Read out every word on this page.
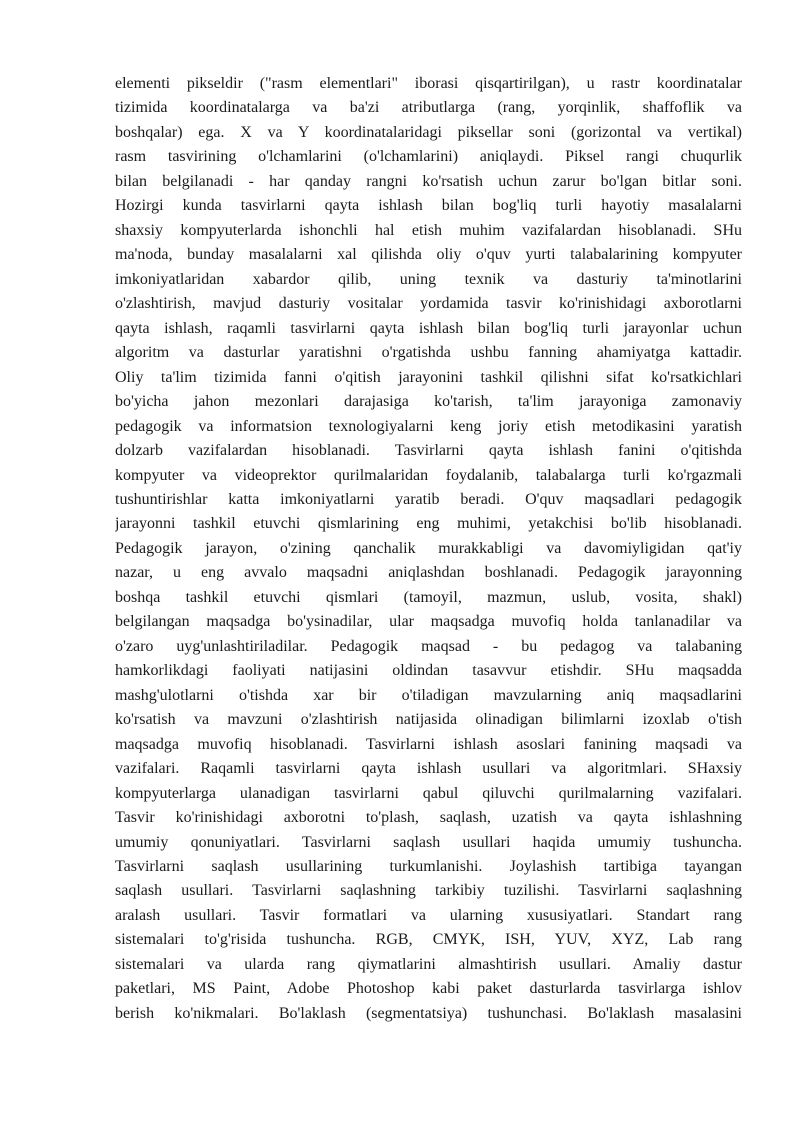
elementi pikseldir ("rasm elementlari" iborasi qisqartirilgan), u rastr koordinatalar
tizimida koordinatalarga va ba'zi atributlarga (rang, yorqinlik, shaffoflik va
boshqalar) ega. X va Y koordinatalaridagi piksellar soni (gorizontal va vertikal)
rasm tasvirining o'lchamlarini (o'lchamlarini) aniqlaydi. Piksel rangi chuqurlik
bilan belgilanadi - har qanday rangni ko'rsatish uchun zarur bo'lgan bitlar soni.
Hozirgi kunda tasvirlarni qayta ishlash bilan bog'liq turli hayotiy masalalarni
shaxsiy kompyuterlarda ishonchli hal etish muhim vazifalardan hisoblanadi. SHu
ma'noda, bunday masalalarni xal qilishda oliy o'quv yurti talabalarining kompyuter
imkoniyatlaridan xabardor qilib, uning texnik va dasturiy ta'minotlarini
o'zlashtirish, mavjud dasturiy vositalar yordamida tasvir ko'rinishidagi axborotlarni
qayta ishlash, raqamli tasvirlarni qayta ishlash bilan bog'liq turli jarayonlar uchun
algoritm va dasturlar yaratishni o'rgatishda ushbu fanning ahamiyatga kattadir.
Oliy ta'lim tizimida fanni o'qitish jarayonini tashkil qilishni sifat ko'rsatkichlari
bo'yicha jahon mezonlari darajasiga ko'tarish, ta'lim jarayoniga zamonaviy
pedagogik va informatsion texnologiyalarni keng joriy etish metodikasini yaratish
dolzarb vazifalardan hisoblanadi. Tasvirlarni qayta ishlash fanini o'qitishda
kompyuter va videoprektor qurilmalaridan foydalanib, talabalarga turli ko'rgazmali
tushuntirishlar katta imkoniyatlarni yaratib beradi. O'quv maqsadlari pedagogik
jarayonni tashkil etuvchi qismlarining eng muhimi, yetakchisi bo'lib hisoblanadi.
Pedagogik jarayon, o'zining qanchalik murakkabligi va davomiyligidan qat'iy
nazar, u eng avvalo maqsadni aniqlashdan boshlanadi. Pedagogik jarayonning
boshqa tashkil etuvchi qismlari (tamoyil, mazmun, uslub, vosita, shakl)
belgilangan maqsadga bo'ysinadilar, ular maqsadga muvofiq holda tanlanadilar va
o'zaro uyg'unlashtiriladilar. Pedagogik maqsad - bu pedagog va talabaning
hamkorlikdagi faoliyati natijasini oldindan tasavvur etishdir. SHu maqsadda
mashg'ulotlarni o'tishda xar bir o'tiladigan mavzularning aniq maqsadlarini
ko'rsatish va mavzuni o'zlashtirish natijasida olinadigan bilimlarni izoxlab o'tish
maqsadga muvofiq hisoblanadi. Tasvirlarni ishlash asoslari fanining maqsadi va
vazifalari. Raqamli tasvirlarni qayta ishlash usullari va algoritmlari. SHaxsiy
kompyuterlarga ulanadigan tasvirlarni qabul qiluvchi qurilmalarning vazifalari.
Tasvir ko'rinishidagi axborotni to'plash, saqlash, uzatish va qayta ishlashning
umumiy qonuniyatlari. Tasvirlarni saqlash usullari haqida umumiy tushuncha.
Tasvirlarni saqlash usullarining turkumlanishi. Joylashish tartibiga tayangan
saqlash usullari. Tasvirlarni saqlashning tarkibiy tuzilishi. Tasvirlarni saqlashning
aralash usullari. Tasvir formatlari va ularning xususiyatlari. Standart rang
sistemalari to'g'risida tushuncha. RGB, CMYK, ISH, YUV, XYZ, Lab rang
sistemalari va ularda rang qiymatlarini almashtirish usullari. Amaliy dastur
paketlari, MS Paint, Adobe Photoshop kabi paket dasturlarda tasvirlarga ishlov
berish ko'nikmalari. Bo'laklash (segmentatsiya) tushunchasi. Bo'laklash masalasini
